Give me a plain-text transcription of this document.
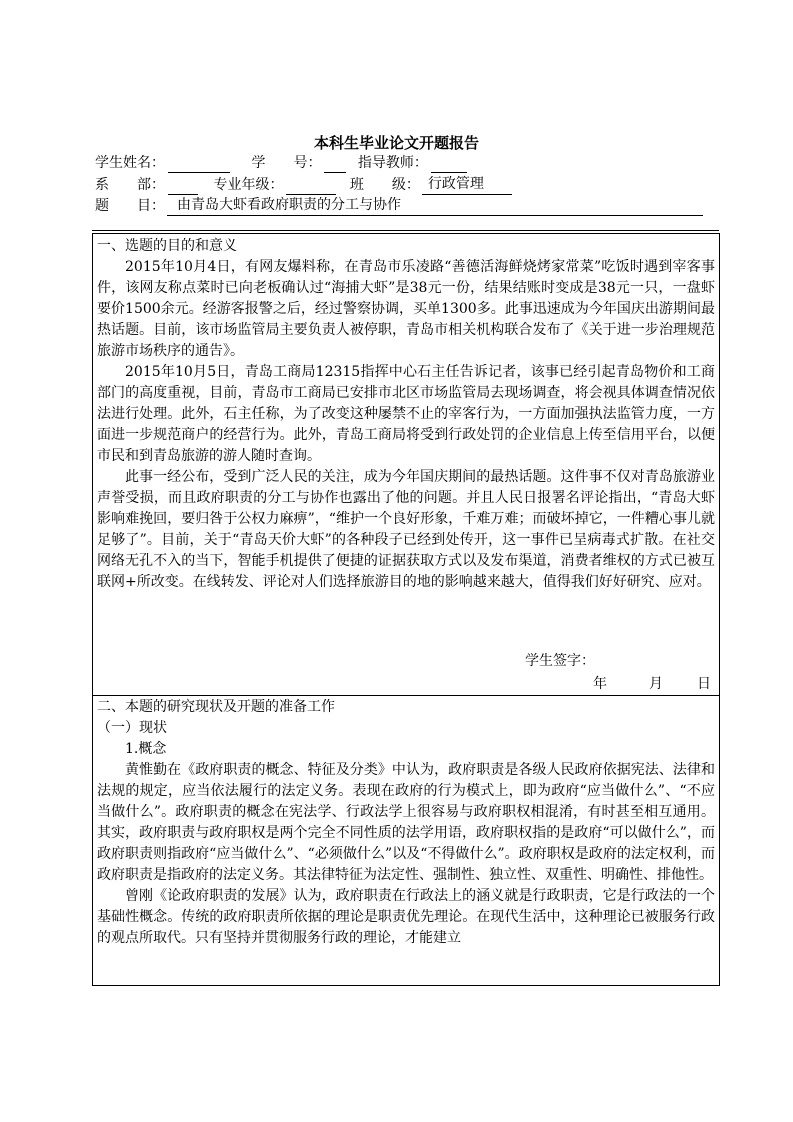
本科生毕业论文开题报告
学生姓名：	学　　号：	指导教师：
系　　部：	专业年级：	班　　级： 行政管理
题　　目： 由青岛大虾看政府职责的分工与协作

一、选题的目的和意义

2015年10月4日，有网友爆料称，在青岛市乐凌路“善德活海鲜烧烤家常菜”吃饭时遇到宰客事件，该网友称点菜时已向老板确认过“海捕大虾”是38元一份，结果结账时变成是38元一只，一盘虾要价1500余元。经游客报警之后，经过警察协调，买单1300多。此事迅速成为今年国庆出游期间最热话题。目前，该市场监管局主要负责人被停职，青岛市相关机构联合发布了《关于进一步治理规范旅游市场秩序的通告》。

2015年10月5日，青岛工商局12315指挥中心石主任告诉记者，该事已经引起青岛物价和工商部门的高度重视，目前，青岛市工商局已安排市北区市场监管局去现场调查，将会视具体调查情况依法进行处理。此外，石主任称，为了改变这种屡禁不止的宰客行为，一方面加强执法监管力度，一方面进一步规范商户的经营行为。此外，青岛工商局将受到行政处罚的企业信息上传至信用平台，以便市民和到青岛旅游的游人随时查询。

此事一经公布，受到广泛人民的关注，成为今年国庆期间的最热话题。这件事不仅对青岛旅游业声誉受损，而且政府职责的分工与协作也露出了他的问题。并且人民日报署名评论指出，“青岛大虾影响难挽回，要归咎于公权力麻痹”，“维护一个良好形象，千难万难；而破坏掉它，一件糟心事儿就足够了”。目前，关于“青岛天价大虾”的各种段子已经到处传开，这一事件已呈病毒式扩散。在社交网络无孔不入的当下，智能手机提供了便捷的证据获取方式以及发布渠道，消费者维权的方式已被互联网+所改变。在线转发、评论对人们选择旅游目的地的影响越来越大，值得我们好好研究、应对。

学生签字：
年	月 日

二、本题的研究现状及开题的准备工作

（一）现状

1.概念

黄惟勤在《政府职责的概念、特征及分类》中认为，政府职责是各级人民政府依据宪法、法律和法规的规定，应当依法履行的法定义务。表现在政府的行为模式上，即为政府“应当做什么”、“不应当做什么”。政府职责的概念在宪法学、行政法学上很容易与政府职权相混淆，有时甚至相互通用。其实，政府职责与政府职权是两个完全不同性质的法学用语，政府职权指的是政府“可以做什么”，而政府职责则指政府“应当做什么”、“必须做什么”以及“不得做什么”。政府职权是政府的法定权利，而政府职责是指政府的法定义务。其法律特征为法定性、强制性、独立性、双重性、明确性、排他性。

曾刚《论政府职责的发展》认为，政府职责在行政法上的涵义就是行政职责，它是行政法的一个基础性概念。传统的政府职责所依据的理论是职责优先理论。在现代生活中，这种理论已被服务行政的观点所取代。只有坚持并贯彻服务行政的理论，才能建立
